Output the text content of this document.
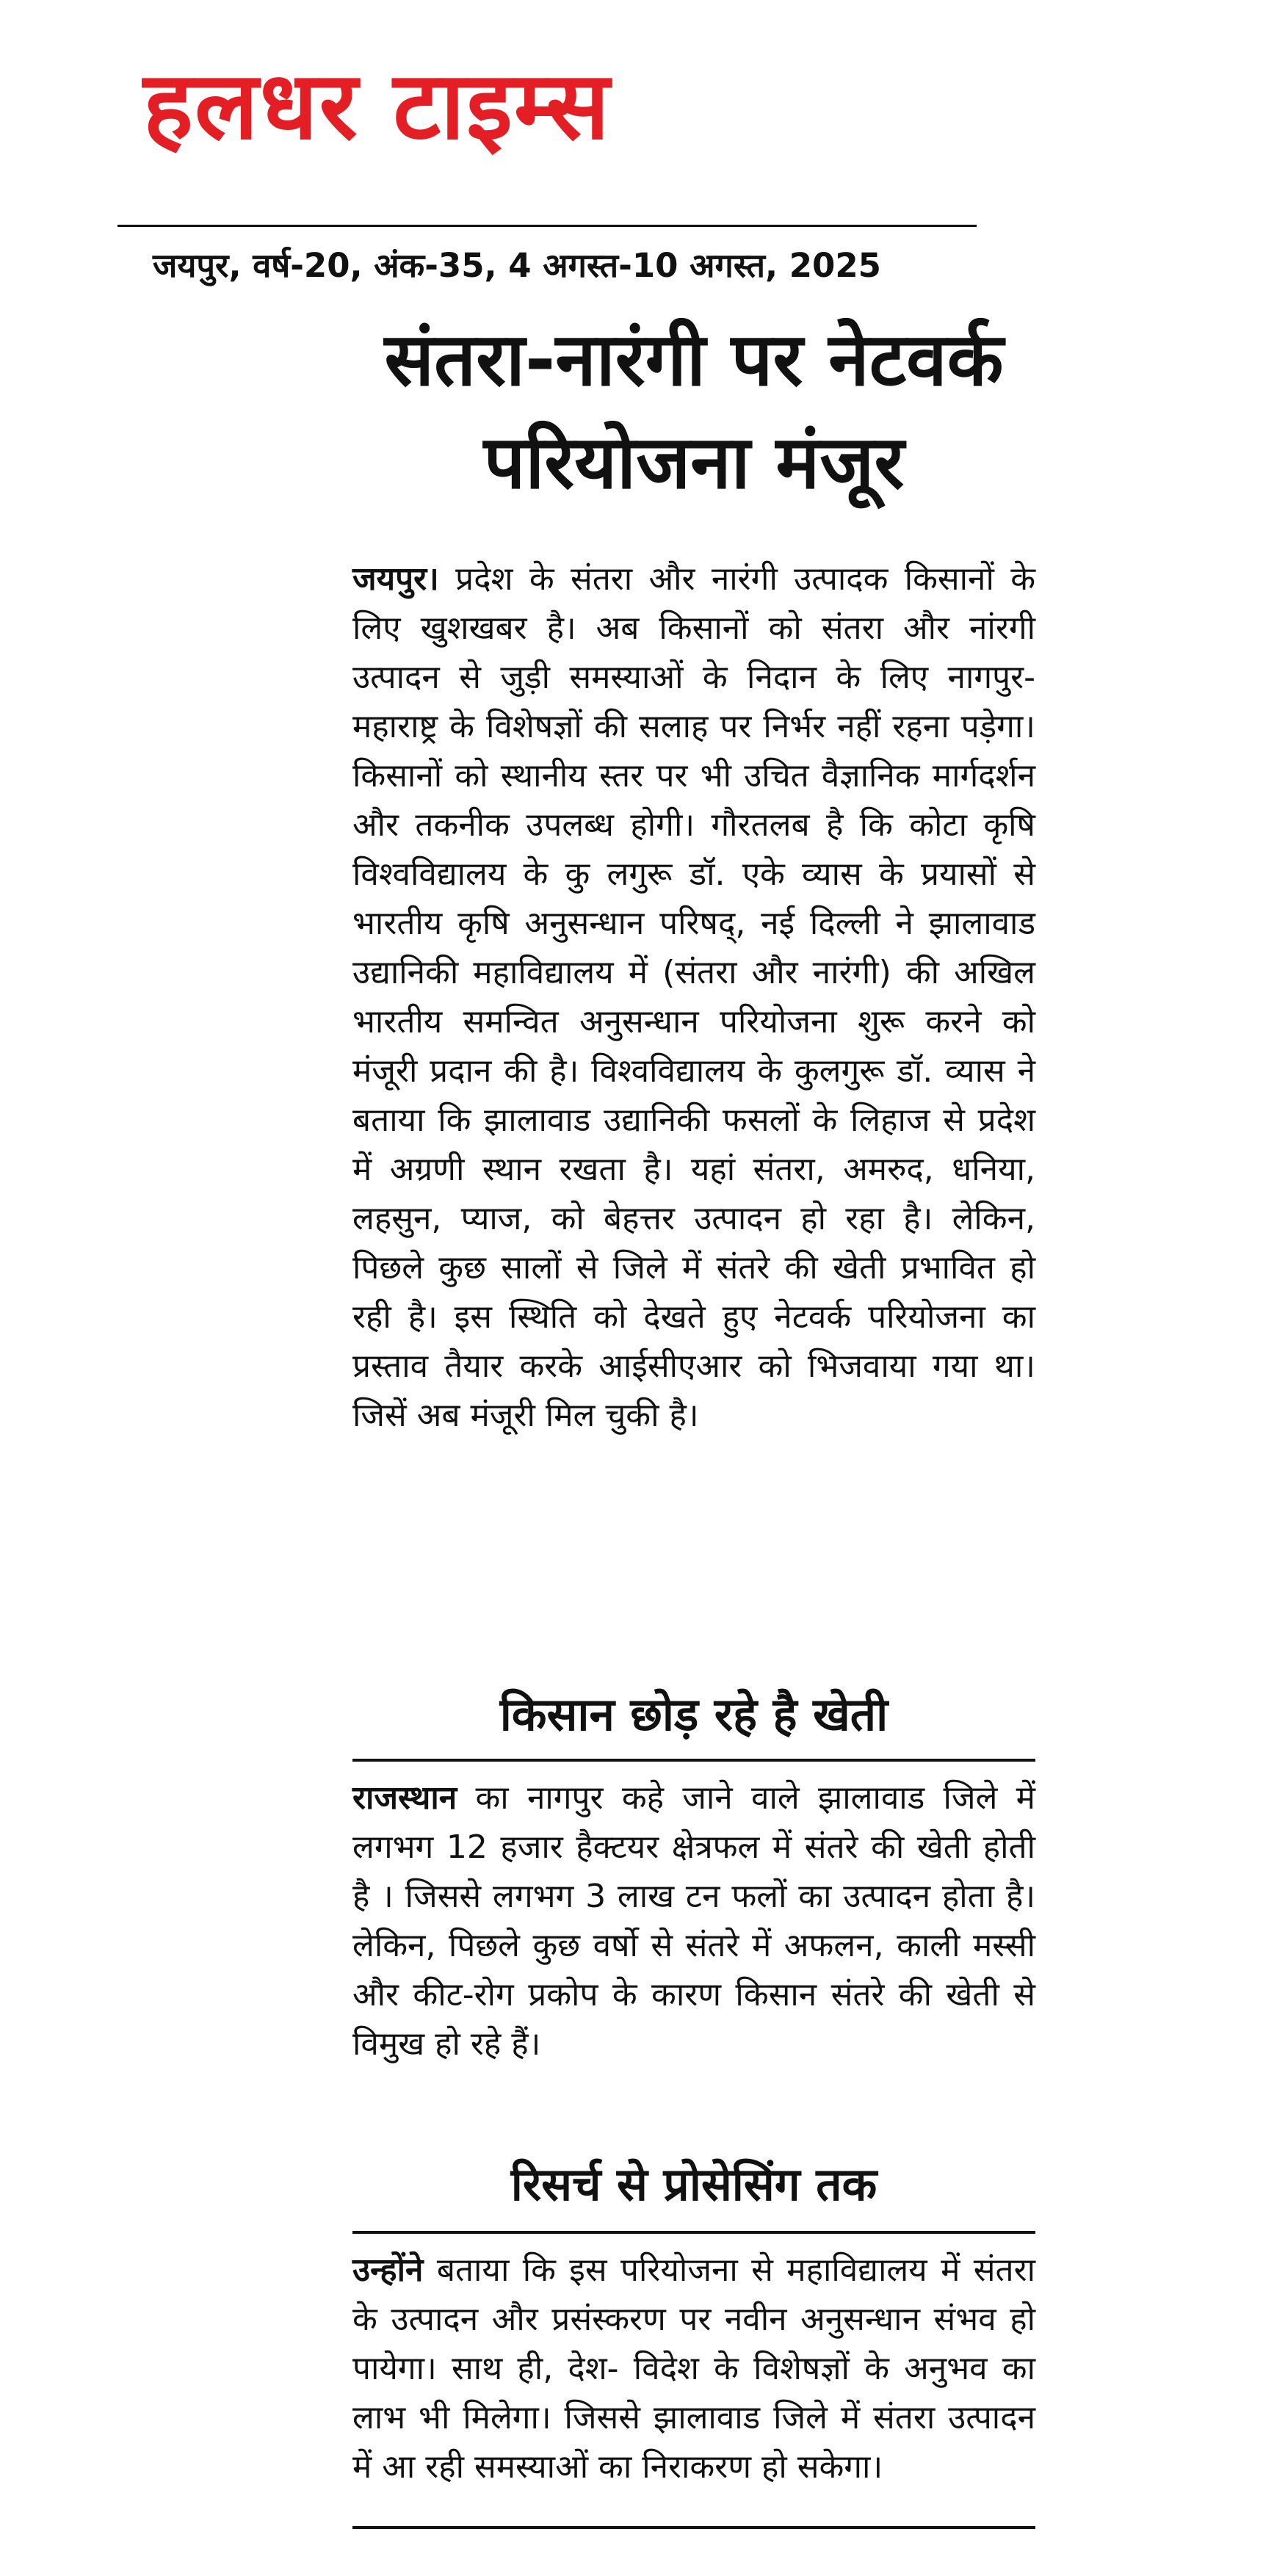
हलधर टाइम्स
जयपुर, वर्ष-20, अंक-35, 4 अगस्त-10 अगस्त, 2025
संतरा-नारंगी पर नेटवर्क
परियोजना मंजूर

जयपुर। प्रदेश के संतरा और नारंगी उत्पादक किसानों के लिए खुशखबर है। अब किसानों को संतरा और नांरगी उत्पादन से जुड़ी समस्याओं के निदान के लिए नागपुर-महाराष्ट्र के विशेषज्ञों की सलाह पर निर्भर नहीं रहना पड़ेगा। किसानों को स्थानीय स्तर पर भी उचित वैज्ञानिक मार्गदर्शन और तकनीक उपलब्ध होगी। गौरतलब है कि कोटा कृषि विश्वविद्यालय के कु लगुरू डॉ. एके व्यास के प्रयासों से भारतीय कृषि अनुसन्धान परिषद्, नई दिल्ली ने झालावाड उद्यानिकी महाविद्यालय में (संतरा और नारंगी) की अखिल भारतीय समन्वित अनुसन्धान परियोजना शुरू करने को मंजूरी प्रदान की है। विश्वविद्यालय के कुलगुरू डॉ. व्यास ने बताया कि झालावाड उद्यानिकी फसलों के लिहाज से प्रदेश में अग्रणी स्थान रखता है। यहां संतरा, अमरुद, धनिया, लहसुन, प्याज, को बेहत्तर उत्पादन हो रहा है। लेकिन, पिछले कुछ सालों से जिले में संतरे की खेती प्रभावित हो रही है। इस स्थिति को देखते हुए नेटवर्क परियोजना का प्रस्ताव तैयार करके आईसीएआर को भिजवाया गया था। जिसें अब मंजूरी मिल चुकी है।

किसान छोड़ रहे है खेती

राजस्थान का नागपुर कहे जाने वाले झालावाड जिले में लगभग 12 हजार हैक्टयर क्षेत्रफल में संतरे की खेती होती है । जिससे लगभग 3 लाख टन फलों का उत्पादन होता है। लेकिन, पिछले कुछ वर्षो से संतरे में अफलन, काली मस्सी और कीट-रोग प्रकोप के कारण किसान संतरे की खेती से विमुख हो रहे हैं।

रिसर्च से प्रोसेसिंग तक

उन्होंने बताया कि इस परियोजना से महाविद्यालय में संतरा के उत्पादन और प्रसंस्करण पर नवीन अनुसन्धान संभव हो पायेगा। साथ ही, देश- विदेश के विशेषज्ञों के अनुभव का लाभ भी मिलेगा। जिससे झालावाड जिले में संतरा उत्पादन में आ रही समस्याओं का निराकरण हो सकेगा।
